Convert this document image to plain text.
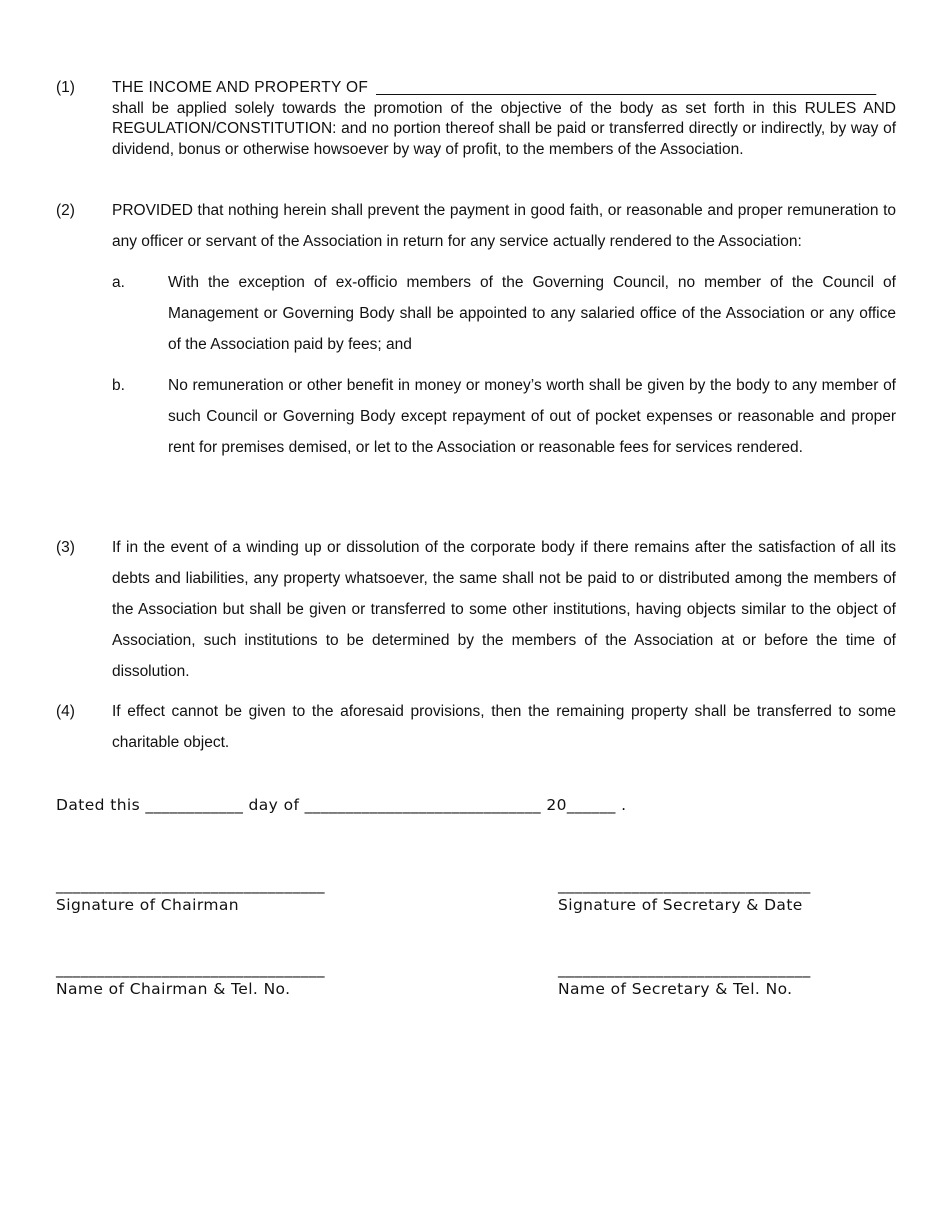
(1) THE INCOME AND PROPERTY OF __________________________________________________________
shall be applied solely towards the promotion of the objective of the body as set forth in this RULES AND REGULATION/CONSTITUTION: and no portion thereof shall be paid or transferred directly or indirectly, by way of dividend, bonus or otherwise howsoever by way of profit, to the members of the Association.
(2) PROVIDED that nothing herein shall prevent the payment in good faith, or reasonable and proper remuneration to any officer or servant of the Association in return for any service actually rendered to the Association:
a.	With the exception of ex-officio members of the Governing Council, no member of the Council of Management or Governing Body shall be appointed to any salaried office of the Association or any office of the Association paid by fees; and
b.	No remuneration or other benefit in money or money’s worth shall be given by the body to any member of such Council or Governing Body except repayment of out of pocket expenses or reasonable and proper rent for premises demised, or let to the Association or reasonable fees for services rendered.
(3) If in the event of a winding up or dissolution of the corporate body if there remains after the satisfaction of all its debts and liabilities, any property whatsoever, the same shall not be paid to or distributed among the members of the Association but shall be given or transferred to some other institutions, having objects similar to the object of Association, such institutions to be determined by the members of the Association at or before the time of dissolution.
(4) If effect cannot be given to the aforesaid provisions, then the remaining property shall be transferred to some charitable object.
Dated this ____________ day of _____________________________ 20______ .
_________________________________
Signature of Chairman
_______________________________
Signature of Secretary & Date
_________________________________
Name of Chairman & Tel. No.
_______________________________
Name of Secretary & Tel. No.
